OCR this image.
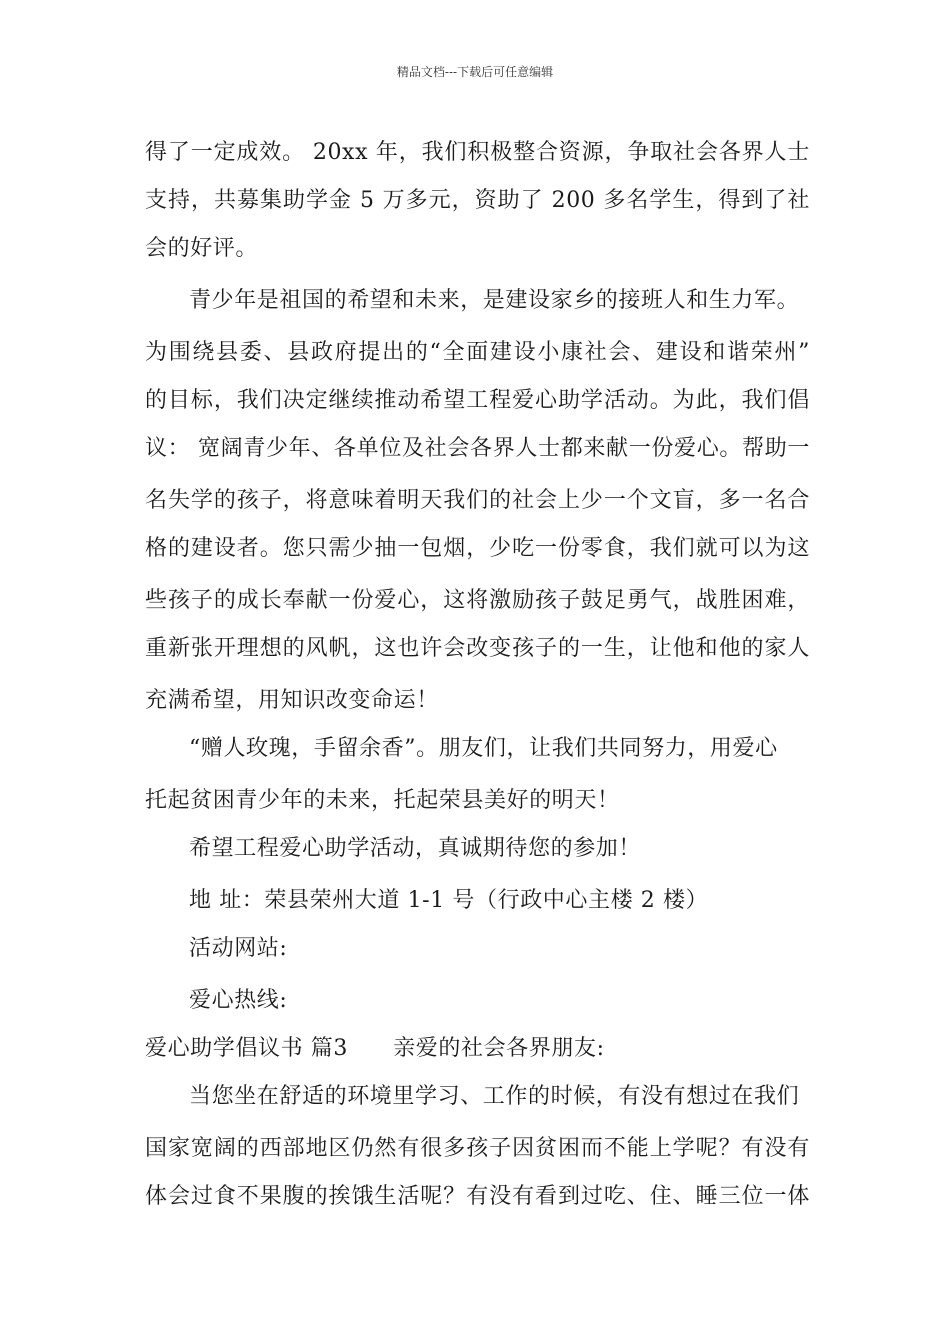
精品文档---下载后可任意编辑
得了一定成效。 20xx 年，我们积极整合资源，争取社会各界人士
支持，共募集助学金 5 万多元，资助了 200 多名学生，得到了社
会的好评。
青少年是祖国的希望和未来，是建设家乡的接班人和生力军。
为围绕县委、县政府提出的“全面建设小康社会、建设和谐荣州”
的目标，我们决定继续推动希望工程爱心助学活动。为此，我们倡
议： 宽阔青少年、各单位及社会各界人士都来献一份爱心。帮助一
名失学的孩子，将意味着明天我们的社会上少一个文盲，多一名合
格的建设者。您只需少抽一包烟，少吃一份零食，我们就可以为这
些孩子的成长奉献一份爱心，这将激励孩子鼓足勇气，战胜困难，
重新张开理想的风帆，这也许会改变孩子的一生，让他和他的家人
充满希望，用知识改变命运！
“赠人玫瑰，手留余香”。朋友们，让我们共同努力，用爱心
托起贫困青少年的未来，托起荣县美好的明天！
希望工程爱心助学活动，真诚期待您的参加！
地 址：荣县荣州大道 1-1 号（行政中心主楼 2 楼）
活动网站:
爱心热线:
爱心助学倡议书 篇3　　亲爱的社会各界朋友:
当您坐在舒适的环境里学习、工作的时候，有没有想过在我们
国家宽阔的西部地区仍然有很多孩子因贫困而不能上学呢？有没有
体会过食不果腹的挨饿生活呢？有没有看到过吃、住、睡三位一体
